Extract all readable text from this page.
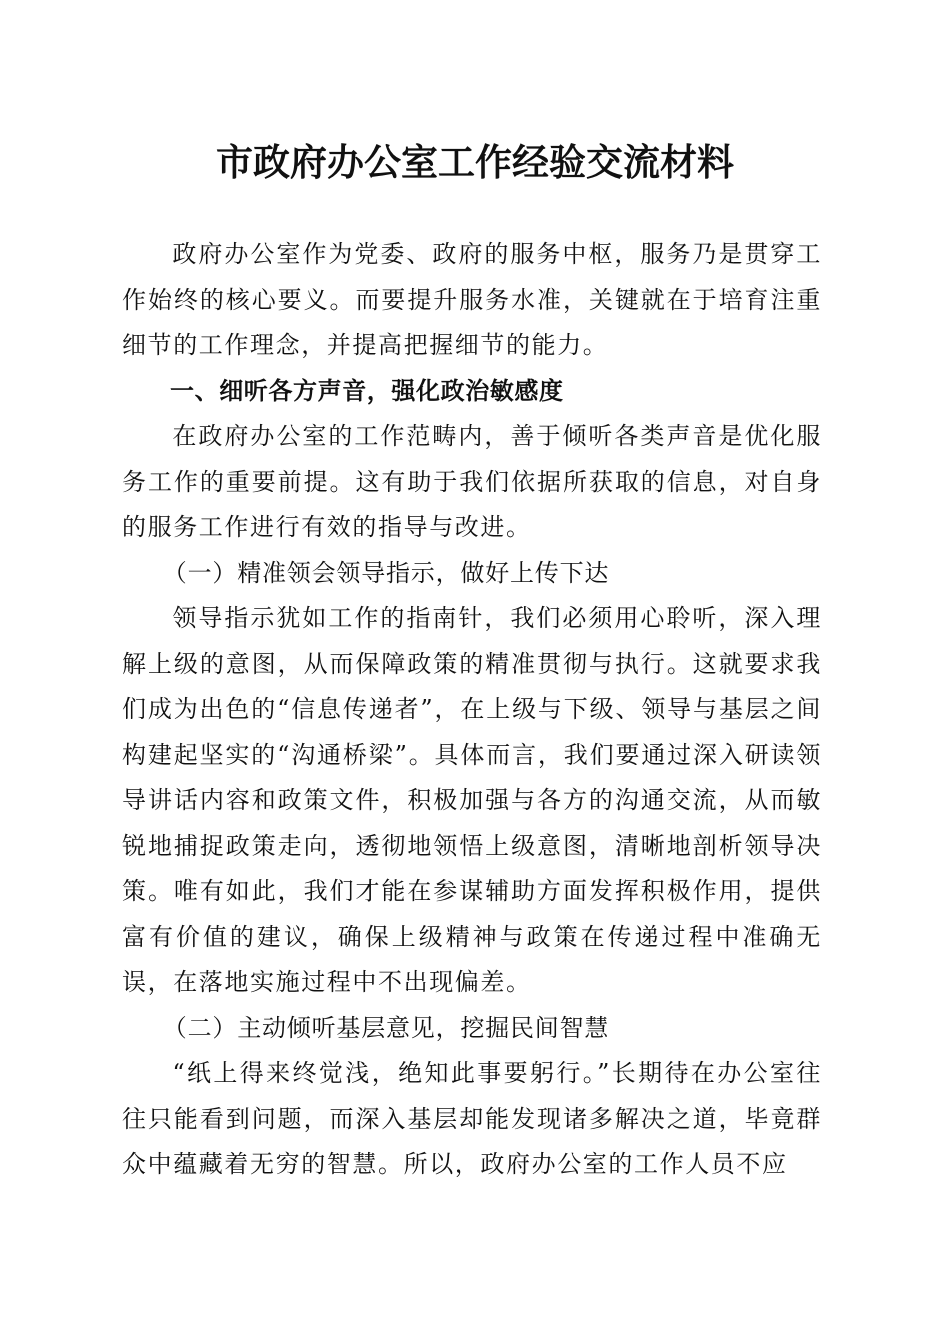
市政府办公室工作经验交流材料

政府办公室作为党委、政府的服务中枢，服务乃是贯穿工作始终的核心要义。而要提升服务水准，关键就在于培育注重细节的工作理念，并提高把握细节的能力。

一、细听各方声音，强化政治敏感度

在政府办公室的工作范畴内，善于倾听各类声音是优化服务工作的重要前提。这有助于我们依据所获取的信息，对自身的服务工作进行有效的指导与改进。

（一）精准领会领导指示，做好上传下达

领导指示犹如工作的指南针，我们必须用心聆听，深入理解上级的意图，从而保障政策的精准贯彻与执行。这就要求我们成为出色的“信息传递者”，在上级与下级、领导与基层之间构建起坚实的“沟通桥梁”。具体而言，我们要通过深入研读领导讲话内容和政策文件，积极加强与各方的沟通交流，从而敏锐地捕捉政策走向，透彻地领悟上级意图，清晰地剖析领导决策。唯有如此，我们才能在参谋辅助方面发挥积极作用，提供富有价值的建议，确保上级精神与政策在传递过程中准确无误，在落地实施过程中不出现偏差。

（二）主动倾听基层意见，挖掘民间智慧

“纸上得来终觉浅，绝知此事要躬行。”长期待在办公室往往只能看到问题，而深入基层却能发现诸多解决之道，毕竟群众中蕴藏着无穷的智慧。所以，政府办公室的工作人员不应
